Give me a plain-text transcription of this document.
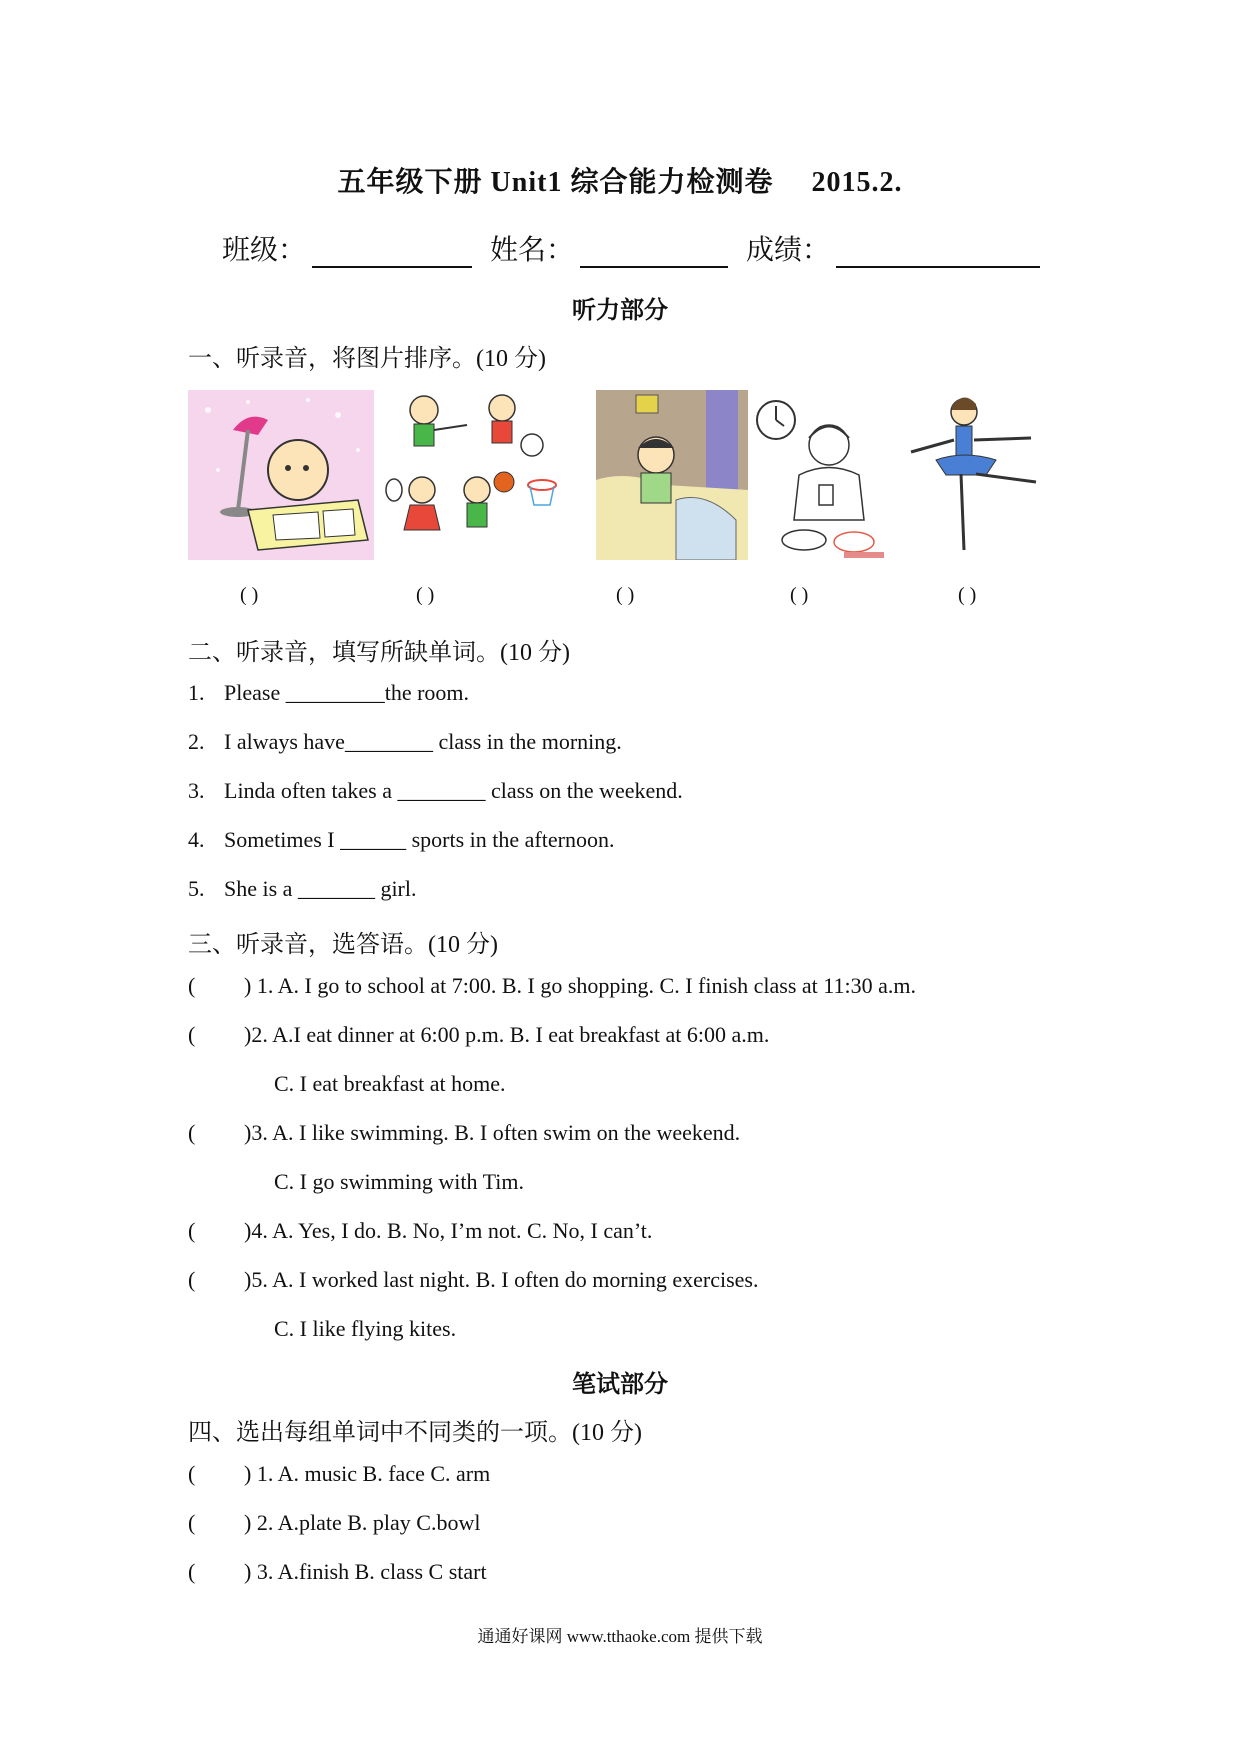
五年级下册 Unit1 综合能力检测卷 2015.2.
班级：	姓名：	成绩：
听力部分
一、听录音，将图片排序。(10 分)
( )	( )	( )	( )	( )
二、听录音，填写所缺单词。(10 分)
1. Please _________the room.
2. I always have________ class in the morning.
3. Linda often takes a ________ class on the weekend.
4. Sometimes I ______ sports in the afternoon.
5. She is a _______ girl.
三、听录音，选答语。(10 分)
( ) 1. A. I go to school at 7:00. B. I go shopping. C. I finish class at 11:30 a.m.
( )2. A.I eat dinner at 6:00 p.m. B. I eat breakfast at 6:00 a.m.
C. I eat breakfast at home.
( )3. A. I like swimming. B. I often swim on the weekend.
C. I go swimming with Tim.
( )4. A. Yes, I do. B. No, I’m not. C. No, I can’t.
( )5. A. I worked last night. B. I often do morning exercises.
C. I like flying kites.
笔试部分
四、选出每组单词中不同类的一项。(10 分)
( ) 1. A. music B. face C. arm
( ) 2. A.plate B. play C.bowl
( ) 3. A.finish B. class C start
通通好课网 www.tthaoke.com 提供下载
